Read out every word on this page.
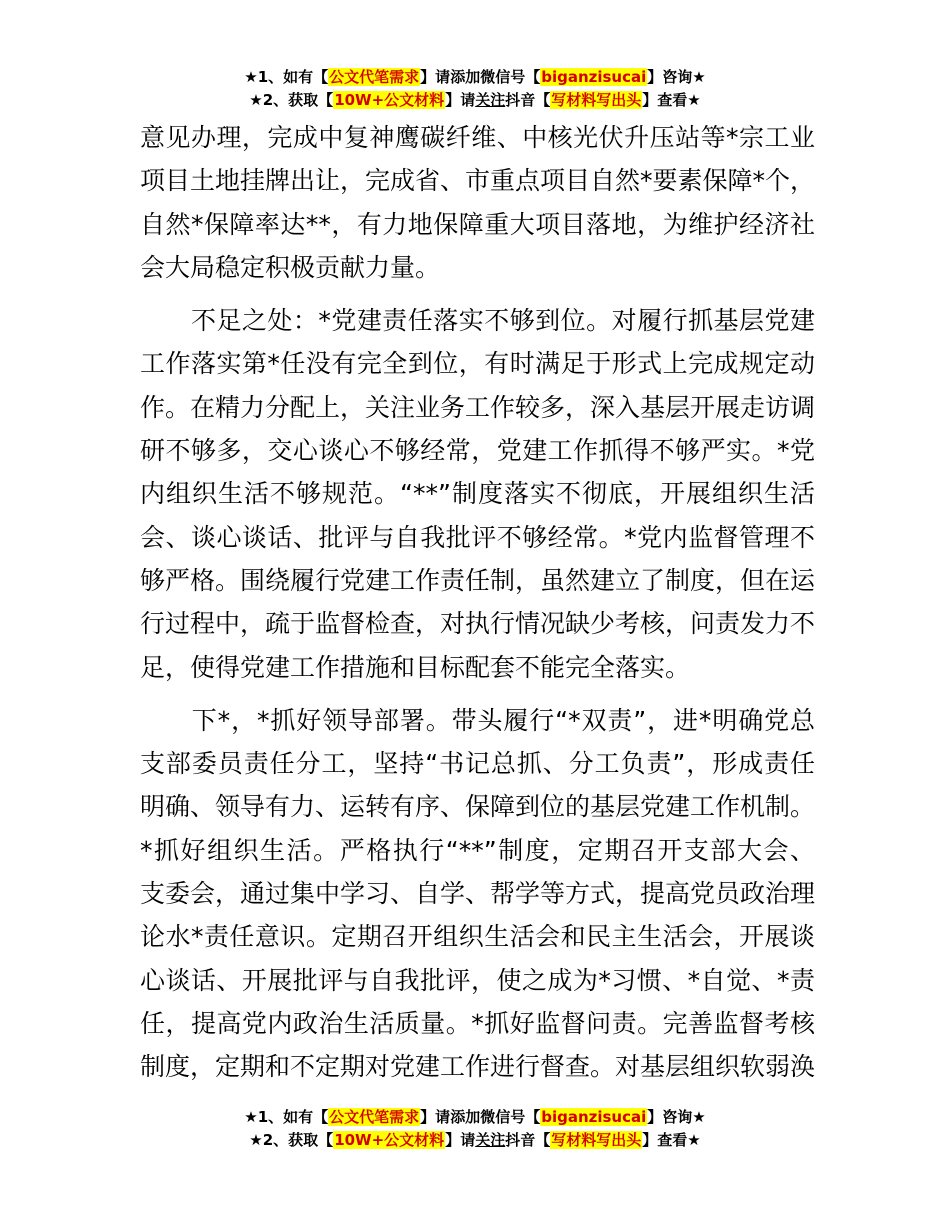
★1、如有【公文代笔需求】请添加微信号【biganzisucai】咨询★
★2、获取【10W+公文材料】请关注抖音【写材料写出头】查看★
意见办理，完成中复神鹰碳纤维、中核光伏升压站等*宗工业
项目土地挂牌出让，完成省、市重点项目自然*要素保障*个，
自然*保障率达**，有力地保障重大项目落地，为维护经济社
会大局稳定积极贡献力量。
　　不足之处：*党建责任落实不够到位。对履行抓基层党建
工作落实第*任没有完全到位，有时满足于形式上完成规定动
作。在精力分配上，关注业务工作较多，深入基层开展走访调
研不够多，交心谈心不够经常，党建工作抓得不够严实。*党
内组织生活不够规范。“**”制度落实不彻底，开展组织生活
会、谈心谈话、批评与自我批评不够经常。*党内监督管理不
够严格。围绕履行党建工作责任制，虽然建立了制度，但在运
行过程中，疏于监督检查，对执行情况缺少考核，问责发力不
足，使得党建工作措施和目标配套不能完全落实。
　　下*，*抓好领导部署。带头履行“*双责”，进*明确党总
支部委员责任分工，坚持“书记总抓、分工负责”，形成责任
明确、领导有力、运转有序、保障到位的基层党建工作机制。
*抓好组织生活。严格执行“**”制度，定期召开支部大会、
支委会，通过集中学习、自学、帮学等方式，提高党员政治理
论水*责任意识。定期召开组织生活会和民主生活会，开展谈
心谈话、开展批评与自我批评，使之成为*习惯、*自觉、*责
任，提高党内政治生活质量。*抓好监督问责。完善监督考核
制度，定期和不定期对党建工作进行督查。对基层组织软弱涣
★1、如有【公文代笔需求】请添加微信号【biganzisucai】咨询★
★2、获取【10W+公文材料】请关注抖音【写材料写出头】查看★
